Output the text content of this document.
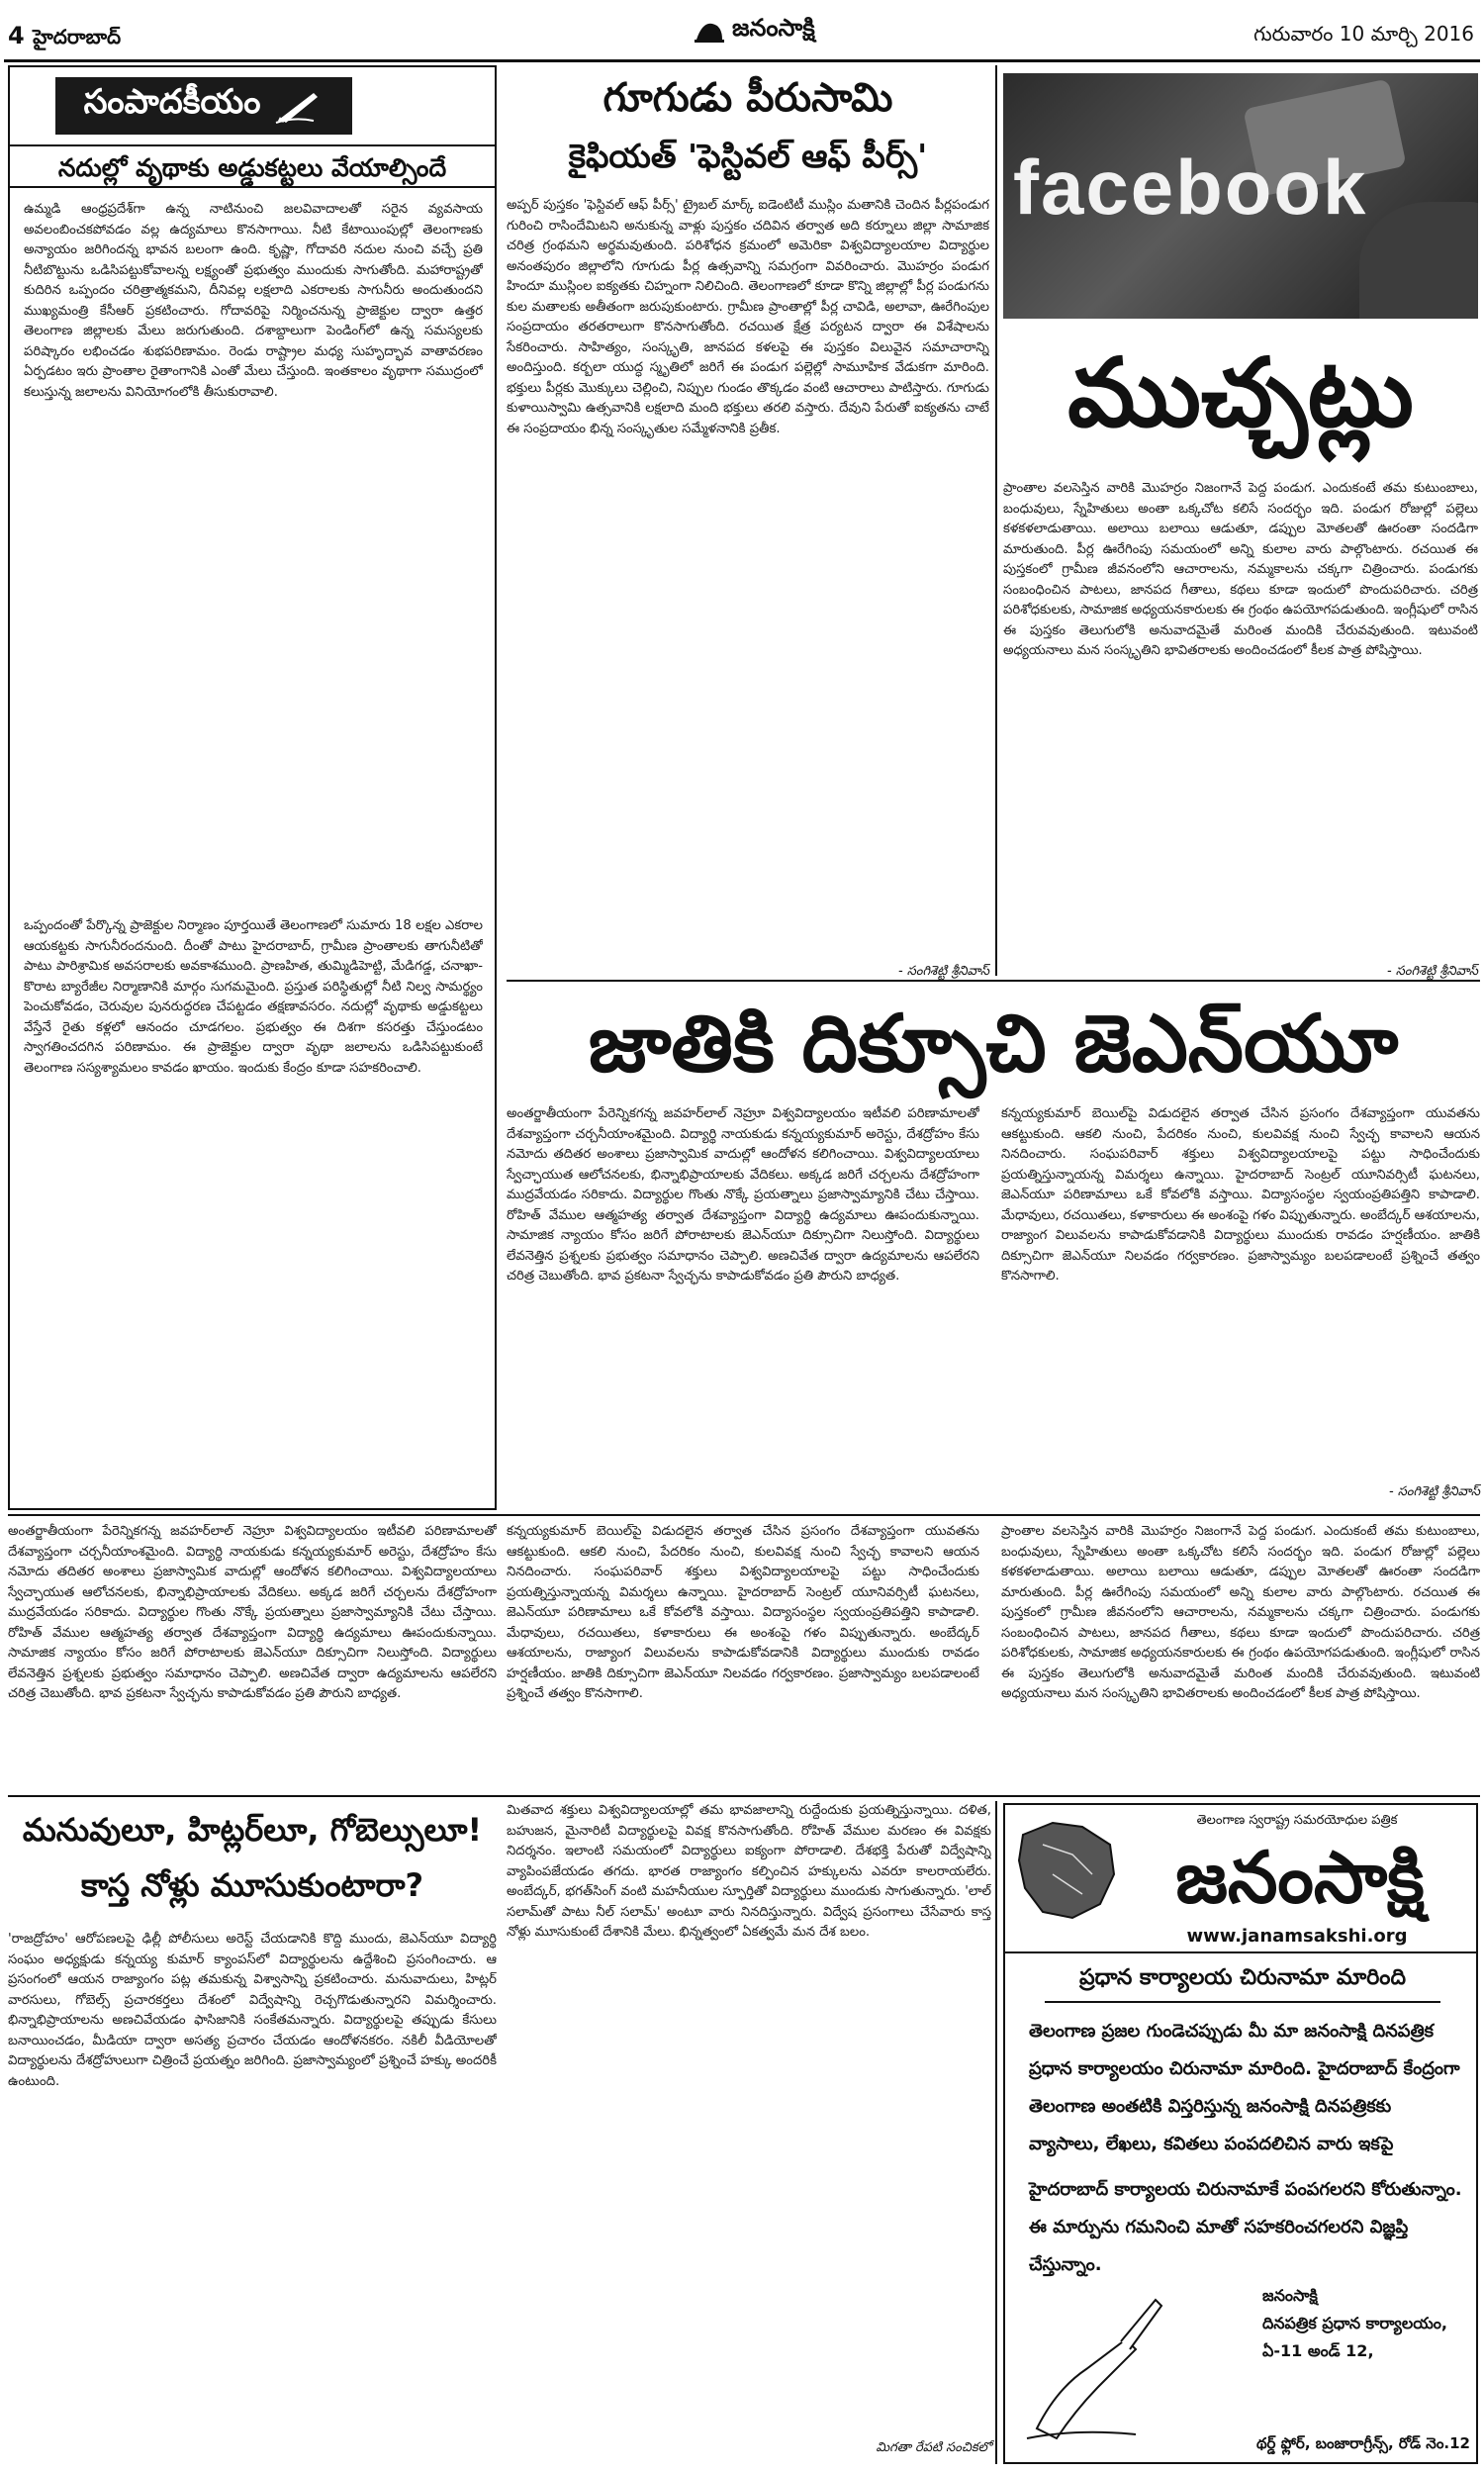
4 హైదరాబాద్	జనంసాక్షి	గురువారం 10 మార్చి 2016
సంపాదకీయం
నదుల్లో వృథాకు అడ్డుకట్టలు వేయాల్సిందే
ఉమ్మడి ఆంధ్రప్రదేశ్‌గా ఉన్న నాటినుంచి జలవివాదాలతో సరైన వ్యవసాయ అవలంబించకపోవడం వల్ల ఉద్యమాలు కొనసాగాయి. నీటి కేటాయింపుల్లో తెలంగాణకు అన్యాయం జరిగిందన్న భావన బలంగా ఉంది. కృష్ణా, గోదావరి నదుల నుంచి వచ్చే ప్రతి నీటిబొట్టును ఒడిసిపట్టుకోవాలన్న లక్ష్యంతో ప్రభుత్వం ముందుకు సాగుతోంది. మహారాష్ట్రతో కుదిరిన ఒప్పందం చరిత్రాత్మకమని, దీనివల్ల లక్షలాది ఎకరాలకు సాగునీరు అందుతుందని ముఖ్యమంత్రి కేసీఆర్ ప్రకటించారు. గోదావరిపై నిర్మించనున్న ప్రాజెక్టుల ద్వారా ఉత్తర తెలంగాణ జిల్లాలకు మేలు జరుగుతుంది. దశాబ్దాలుగా పెండింగ్‌లో ఉన్న సమస్యలకు పరిష్కారం లభించడం శుభపరిణామం. రెండు రాష్ట్రాల మధ్య సుహృద్భావ వాతావరణం ఏర్పడటం ఇరు ప్రాంతాల రైతాంగానికి ఎంతో మేలు చేస్తుంది. ఇంతకాలం వృథాగా సముద్రంలో కలుస్తున్న జలాలను వినియోగంలోకి తీసుకురావాలి.
ఒప్పందంతో పేర్కొన్న ప్రాజెక్టుల నిర్మాణం పూర్తయితే తెలంగాణలో సుమారు 18 లక్షల ఎకరాల ఆయకట్టకు సాగునీరందనుంది. దీంతో పాటు హైదరాబాద్, గ్రామీణ ప్రాంతాలకు తాగునీటితో పాటు పారిశ్రామిక అవసరాలకు అవకాశముంది. ప్రాణహిత, తుమ్మిడిహెట్టి, మేడిగడ్డ, చనాఖా-కొరాట బ్యారేజీల నిర్మాణానికి మార్గం సుగమమైంది. ప్రస్తుత పరిస్థితుల్లో నీటి నిల్వ సామర్థ్యం పెంచుకోవడం, చెరువుల పునరుద్ధరణ చేపట్టడం తక్షణావసరం. నదుల్లో వృథాకు అడ్డుకట్టలు వేస్తేనే రైతు కళ్లలో ఆనందం చూడగలం. ప్రభుత్వం ఈ దిశగా కసరత్తు చేస్తుండటం స్వాగతించదగిన పరిణామం. ఈ ప్రాజెక్టుల ద్వారా వృథా జలాలను ఒడిసిపట్టుకుంటే తెలంగాణ సస్యశ్యామలం కావడం ఖాయం. ఇందుకు కేంద్రం కూడా సహకరించాలి.
గూగుడు పీరుసామి
కైఫియత్ 'ఫెస్టివల్ ఆఫ్ పీర్స్'
అప్పర్ పుస్తకం 'ఫెస్టివల్ ఆఫ్ పీర్స్' ట్రైబల్ మార్క్ ఐడెంటిటీ ముస్లిం మతానికి చెందిన పీర్లపండుగ గురించి రాసిందేమిటని అనుకున్న వాళ్లు పుస్తకం చదివిన తర్వాత అది కర్నూలు జిల్లా సామాజిక చరిత్ర గ్రంథమని అర్థమవుతుంది. పరిశోధన క్రమంలో అమెరికా విశ్వవిద్యాలయాల విద్యార్థుల అనంతపురం జిల్లాలోని గూగుడు పీర్ల ఉత్సవాన్ని సమగ్రంగా వివరించారు. మొహర్రం పండుగ హిందూ ముస్లింల ఐక్యతకు చిహ్నంగా నిలిచింది. తెలంగాణలో కూడా కొన్ని జిల్లాల్లో పీర్ల పండుగను కుల మతాలకు అతీతంగా జరుపుకుంటారు. గ్రామీణ ప్రాంతాల్లో పీర్ల చావిడి, అలావా, ఊరేగింపుల సంప్రదాయం తరతరాలుగా కొనసాగుతోంది. రచయిత క్షేత్ర పర్యటన ద్వారా ఈ విశేషాలను సేకరించారు. సాహిత్యం, సంస్కృతి, జానపద కళలపై ఈ పుస్తకం విలువైన సమాచారాన్ని అందిస్తుంది. కర్బలా యుద్ధ స్మృతిలో జరిగే ఈ పండుగ పల్లెల్లో సామూహిక వేడుకగా మారింది. భక్తులు పీర్లకు మొక్కులు చెల్లించి, నిప్పుల గుండం తొక్కడం వంటి ఆచారాలు పాటిస్తారు. గూగుడు కుళాయిస్వామి ఉత్సవానికి లక్షలాది మంది భక్తులు తరలి వస్తారు. దేవుని పేరుతో ఐక్యతను చాటే ఈ సంప్రదాయం భిన్న సంస్కృతుల సమ్మేళనానికి ప్రతీక.
- సంగిశెట్టి శ్రీనివాస్
facebook
ముచ్చట్లు
ప్రాంతాల వలసెస్తిన వారికి మొహర్రం నిజంగానే పెద్ద పండుగ. ఎందుకంటే తమ కుటుంబాలు, బంధువులు, స్నేహితులు అంతా ఒక్కచోట కలిసే సందర్భం ఇది. పండుగ రోజుల్లో పల్లెలు కళకళలాడుతాయి. అలాయి బలాయి ఆడుతూ, డప్పుల మోతలతో ఊరంతా సందడిగా మారుతుంది. పీర్ల ఊరేగింపు సమయంలో అన్ని కులాల వారు పాల్గొంటారు. రచయిత ఈ పుస్తకంలో గ్రామీణ జీవనంలోని ఆచారాలను, నమ్మకాలను చక్కగా చిత్రించారు. పండుగకు సంబంధించిన పాటలు, జానపద గీతాలు, కథలు కూడా ఇందులో పొందుపరిచారు. చరిత్ర పరిశోధకులకు, సామాజిక అధ్యయనకారులకు ఈ గ్రంథం ఉపయోగపడుతుంది. ఇంగ్లీషులో రాసిన ఈ పుస్తకం తెలుగులోకి అనువాదమైతే మరింత మందికి చేరువవుతుంది. ఇటువంటి అధ్యయనాలు మన సంస్కృతిని భావితరాలకు అందించడంలో కీలక పాత్ర పోషిస్తాయి.
- సంగిశెట్టి శ్రీనివాస్
జాతికి దిక్సూచి జెఎన్‌యూ
అంతర్జాతీయంగా పేరెన్నికగన్న జవహర్‌లాల్ నెహ్రూ విశ్వవిద్యాలయం ఇటీవలి పరిణామాలతో దేశవ్యాప్తంగా చర్చనీయాంశమైంది. విద్యార్థి నాయకుడు కన్నయ్యకుమార్ అరెస్టు, దేశద్రోహం కేసు నమోదు తదితర అంశాలు ప్రజాస్వామిక వాదుల్లో ఆందోళన కలిగించాయి. విశ్వవిద్యాలయాలు స్వేచ్ఛాయుత ఆలోచనలకు, భిన్నాభిప్రాయాలకు వేదికలు. అక్కడ జరిగే చర్చలను దేశద్రోహంగా ముద్రవేయడం సరికాదు. విద్యార్థుల గొంతు నొక్కే ప్రయత్నాలు ప్రజాస్వామ్యానికి చేటు చేస్తాయి. రోహిత్ వేముల ఆత్మహత్య తర్వాత దేశవ్యాప్తంగా విద్యార్థి ఉద్యమాలు ఊపందుకున్నాయి. సామాజిక న్యాయం కోసం జరిగే పోరాటాలకు జెఎన్‌యూ దిక్సూచిగా నిలుస్తోంది. విద్యార్థులు లేవనెత్తిన ప్రశ్నలకు ప్రభుత్వం సమాధానం చెప్పాలి. అణచివేత ద్వారా ఉద్యమాలను ఆపలేరని చరిత్ర చెబుతోంది. భావ ప్రకటనా స్వేచ్ఛను కాపాడుకోవడం ప్రతి పౌరుని బాధ్యత.
కన్నయ్యకుమార్ బెయిల్‌పై విడుదలైన తర్వాత చేసిన ప్రసంగం దేశవ్యాప్తంగా యువతను ఆకట్టుకుంది. ఆకలి నుంచి, పేదరికం నుంచి, కులవివక్ష నుంచి స్వేచ్ఛ కావాలని ఆయన నినదించారు. సంఘపరివార్ శక్తులు విశ్వవిద్యాలయాలపై పట్టు సాధించేందుకు ప్రయత్నిస్తున్నాయన్న విమర్శలు ఉన్నాయి. హైదరాబాద్ సెంట్రల్ యూనివర్సిటీ ఘటనలు, జెఎన్‌యూ పరిణామాలు ఒకే కోవలోకి వస్తాయి. విద్యాసంస్థల స్వయంప్రతిపత్తిని కాపాడాలి. మేధావులు, రచయితలు, కళాకారులు ఈ అంశంపై గళం విప్పుతున్నారు. అంబేద్కర్ ఆశయాలను, రాజ్యాంగ విలువలను కాపాడుకోవడానికి విద్యార్థులు ముందుకు రావడం హర్షణీయం. జాతికి దిక్సూచిగా జెఎన్‌యూ నిలవడం గర్వకారణం. ప్రజాస్వామ్యం బలపడాలంటే ప్రశ్నించే తత్వం కొనసాగాలి.
- సంగిశెట్టి శ్రీనివాస్
అంతర్జాతీయంగా పేరెన్నికగన్న జవహర్‌లాల్ నెహ్రూ విశ్వవిద్యాలయం ఇటీవలి పరిణామాలతో దేశవ్యాప్తంగా చర్చనీయాంశమైంది. విద్యార్థి నాయకుడు కన్నయ్యకుమార్ అరెస్టు, దేశద్రోహం కేసు నమోదు తదితర అంశాలు ప్రజాస్వామిక వాదుల్లో ఆందోళన కలిగించాయి. విశ్వవిద్యాలయాలు స్వేచ్ఛాయుత ఆలోచనలకు, భిన్నాభిప్రాయాలకు వేదికలు. అక్కడ జరిగే చర్చలను దేశద్రోహంగా ముద్రవేయడం సరికాదు. విద్యార్థుల గొంతు నొక్కే ప్రయత్నాలు ప్రజాస్వామ్యానికి చేటు చేస్తాయి. రోహిత్ వేముల ఆత్మహత్య తర్వాత దేశవ్యాప్తంగా విద్యార్థి ఉద్యమాలు ఊపందుకున్నాయి. సామాజిక న్యాయం కోసం జరిగే పోరాటాలకు జెఎన్‌యూ దిక్సూచిగా నిలుస్తోంది. విద్యార్థులు లేవనెత్తిన ప్రశ్నలకు ప్రభుత్వం సమాధానం చెప్పాలి. అణచివేత ద్వారా ఉద్యమాలను ఆపలేరని చరిత్ర చెబుతోంది. భావ ప్రకటనా స్వేచ్ఛను కాపాడుకోవడం ప్రతి పౌరుని బాధ్యత.
కన్నయ్యకుమార్ బెయిల్‌పై విడుదలైన తర్వాత చేసిన ప్రసంగం దేశవ్యాప్తంగా యువతను ఆకట్టుకుంది. ఆకలి నుంచి, పేదరికం నుంచి, కులవివక్ష నుంచి స్వేచ్ఛ కావాలని ఆయన నినదించారు. సంఘపరివార్ శక్తులు విశ్వవిద్యాలయాలపై పట్టు సాధించేందుకు ప్రయత్నిస్తున్నాయన్న విమర్శలు ఉన్నాయి. హైదరాబాద్ సెంట్రల్ యూనివర్సిటీ ఘటనలు, జెఎన్‌యూ పరిణామాలు ఒకే కోవలోకి వస్తాయి. విద్యాసంస్థల స్వయంప్రతిపత్తిని కాపాడాలి. మేధావులు, రచయితలు, కళాకారులు ఈ అంశంపై గళం విప్పుతున్నారు. అంబేద్కర్ ఆశయాలను, రాజ్యాంగ విలువలను కాపాడుకోవడానికి విద్యార్థులు ముందుకు రావడం హర్షణీయం. జాతికి దిక్సూచిగా జెఎన్‌యూ నిలవడం గర్వకారణం. ప్రజాస్వామ్యం బలపడాలంటే ప్రశ్నించే తత్వం కొనసాగాలి.
ప్రాంతాల వలసెస్తిన వారికి మొహర్రం నిజంగానే పెద్ద పండుగ. ఎందుకంటే తమ కుటుంబాలు, బంధువులు, స్నేహితులు అంతా ఒక్కచోట కలిసే సందర్భం ఇది. పండుగ రోజుల్లో పల్లెలు కళకళలాడుతాయి. అలాయి బలాయి ఆడుతూ, డప్పుల మోతలతో ఊరంతా సందడిగా మారుతుంది. పీర్ల ఊరేగింపు సమయంలో అన్ని కులాల వారు పాల్గొంటారు. రచయిత ఈ పుస్తకంలో గ్రామీణ జీవనంలోని ఆచారాలను, నమ్మకాలను చక్కగా చిత్రించారు. పండుగకు సంబంధించిన పాటలు, జానపద గీతాలు, కథలు కూడా ఇందులో పొందుపరిచారు. చరిత్ర పరిశోధకులకు, సామాజిక అధ్యయనకారులకు ఈ గ్రంథం ఉపయోగపడుతుంది. ఇంగ్లీషులో రాసిన ఈ పుస్తకం తెలుగులోకి అనువాదమైతే మరింత మందికి చేరువవుతుంది. ఇటువంటి అధ్యయనాలు మన సంస్కృతిని భావితరాలకు అందించడంలో కీలక పాత్ర పోషిస్తాయి.
మనువులూ, హిట్లర్‌లూ, గోబెల్సులూ!
కాస్త నోళ్లు మూసుకుంటారా?
'రాజద్రోహం' ఆరోపణలపై ఢిల్లీ పోలీసులు అరెస్ట్ చేయడానికి కొద్ది ముందు, జెఎన్‌యూ విద్యార్థి సంఘం అధ్యక్షుడు కన్నయ్య కుమార్ క్యాంపస్‌లో విద్యార్థులను ఉద్దేశించి ప్రసంగించారు. ఆ ప్రసంగంలో ఆయన రాజ్యాంగం పట్ల తమకున్న విశ్వాసాన్ని ప్రకటించారు. మనువాదులు, హిట్లర్ వారసులు, గోబెల్స్ ప్రచారకర్తలు దేశంలో విద్వేషాన్ని రెచ్చగొడుతున్నారని విమర్శించారు. భిన్నాభిప్రాయాలను అణచివేయడం ఫాసిజానికి సంకేతమన్నారు. విద్యార్థులపై తప్పుడు కేసులు బనాయించడం, మీడియా ద్వారా అసత్య ప్రచారం చేయడం ఆందోళనకరం. నకిలీ వీడియోలతో విద్యార్థులను దేశద్రోహులుగా చిత్రించే ప్రయత్నం జరిగింది. ప్రజాస్వామ్యంలో ప్రశ్నించే హక్కు అందరికీ ఉంటుంది.
మితవాద శక్తులు విశ్వవిద్యాలయాల్లో తమ భావజాలాన్ని రుద్దేందుకు ప్రయత్నిస్తున్నాయి. దళిత, బహుజన, మైనారిటీ విద్యార్థులపై వివక్ష కొనసాగుతోంది. రోహిత్ వేముల మరణం ఈ వివక్షకు నిదర్శనం. ఇలాంటి సమయంలో విద్యార్థులు ఐక్యంగా పోరాడాలి. దేశభక్తి పేరుతో విద్వేషాన్ని వ్యాపింపజేయడం తగదు. భారత రాజ్యాంగం కల్పించిన హక్కులను ఎవరూ కాలరాయలేరు. అంబేద్కర్, భగత్‌సింగ్ వంటి మహనీయుల స్ఫూర్తితో విద్యార్థులు ముందుకు సాగుతున్నారు. 'లాల్ సలామ్‌తో పాటు నీల్ సలామ్' అంటూ వారు నినదిస్తున్నారు. విద్వేష ప్రసంగాలు చేసేవారు కాస్త నోళ్లు మూసుకుంటే దేశానికి మేలు. భిన్నత్వంలో ఏకత్వమే మన దేశ బలం.
మిగతా రేపటి సంచికలో
తెలంగాణ స్వరాష్ట్ర సమరయోధుల పత్రిక
జనంసాక్షి
www.janamsakshi.org
ప్రధాన కార్యాలయ చిరునామా మారింది
తెలంగాణ ప్రజల గుండెచప్పుడు మీ మా జనంసాక్షి దినపత్రిక ప్రధాన కార్యాలయం చిరునామా మారింది. హైదరాబాద్ కేంద్రంగా తెలంగాణ అంతటికి విస్తరిస్తున్న జనంసాక్షి దినపత్రికకు వ్యాసాలు, లేఖలు, కవితలు పంపదలిచిన వారు ఇకపై
హైదరాబాద్ కార్యాలయ చిరునామాకే పంపగలరని కోరుతున్నాం. ఈ మార్పును గమనించి మాతో సహకరించగలరని విజ్ఞప్తి చేస్తున్నాం.
జనంసాక్షి
దినపత్రిక ప్రధాన కార్యాలయం,
ఏ-11 అండ్ 12,
థర్డ్ ఫ్లోర్, బంజారాగ్రీన్స్, రోడ్ నెం.12
